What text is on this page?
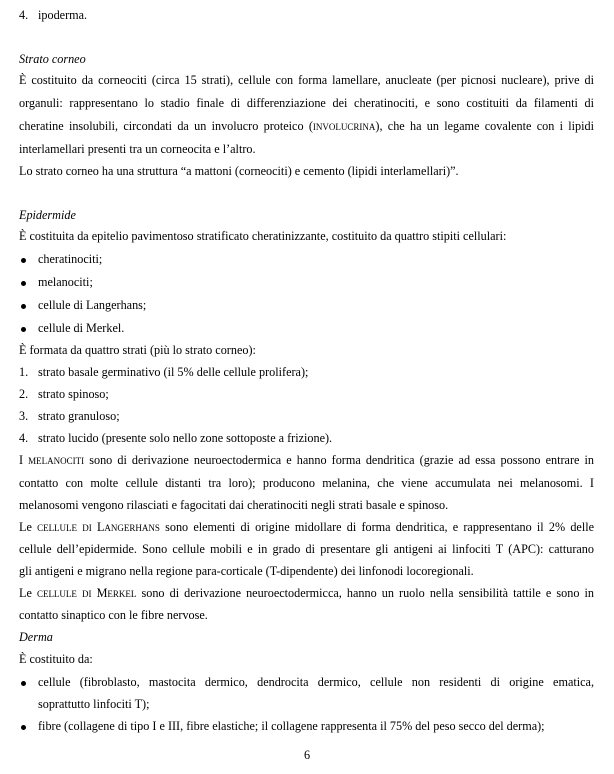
4. ipoderma.
Strato corneo
È costituito da corneociti (circa 15 strati), cellule con forma lamellare, anucleate (per picnosi nucleare), prive di
organuli: rappresentano lo stadio finale di differenziazione dei cheratinociti, e sono costituiti da filamenti di
cheratine insolubili, circondati da un involucro proteico (involucrina), che ha un legame covalente con i lipidi
interlamellari presenti tra un corneocita e l’altro.
Lo strato corneo ha una struttura “a mattoni (corneociti) e cemento (lipidi interlamellari)”.
Epidermide
È costituita da epitelio pavimentoso stratificato cheratinizzante, costituito da quattro stipiti cellulari:
cheratinociti;
melanociti;
cellule di Langerhans;
cellule di Merkel.
È formata da quattro strati (più lo strato corneo):
1. strato basale germinativo (il 5% delle cellule prolifera);
2. strato spinoso;
3. strato granuloso;
4. strato lucido (presente solo nello zone sottoposte a frizione).
I melanociti sono di derivazione neuroectodermica e hanno forma dendritica (grazie ad essa possono entrare in
contatto con molte cellule distanti tra loro); producono melanina, che viene accumulata nei melanosomi. I
melanosomi vengono rilasciati e fagocitati dai cheratinociti negli strati basale e spinoso.
Le cellule di Langerhans sono elementi di origine midollare di forma dendritica, e rappresentano il 2% delle
cellule dell’epidermide. Sono cellule mobili e in grado di presentare gli antigeni ai linfociti T (APC): catturano
gli antigeni e migrano nella regione para-corticale (T-dipendente) dei linfonodi locoregionali.
Le cellule di Merkel sono di derivazione neuroectodermicca, hanno un ruolo nella sensibilità tattile e sono in
contatto sinaptico con le fibre nervose.
Derma
È costituito da:
cellule (fibroblasto, mastocita dermico, dendrocita dermico, cellule non residenti di origine ematica,
soprattutto linfociti T);
fibre (collagene di tipo I e III, fibre elastiche; il collagene rappresenta il 75% del peso secco del derma);
6
